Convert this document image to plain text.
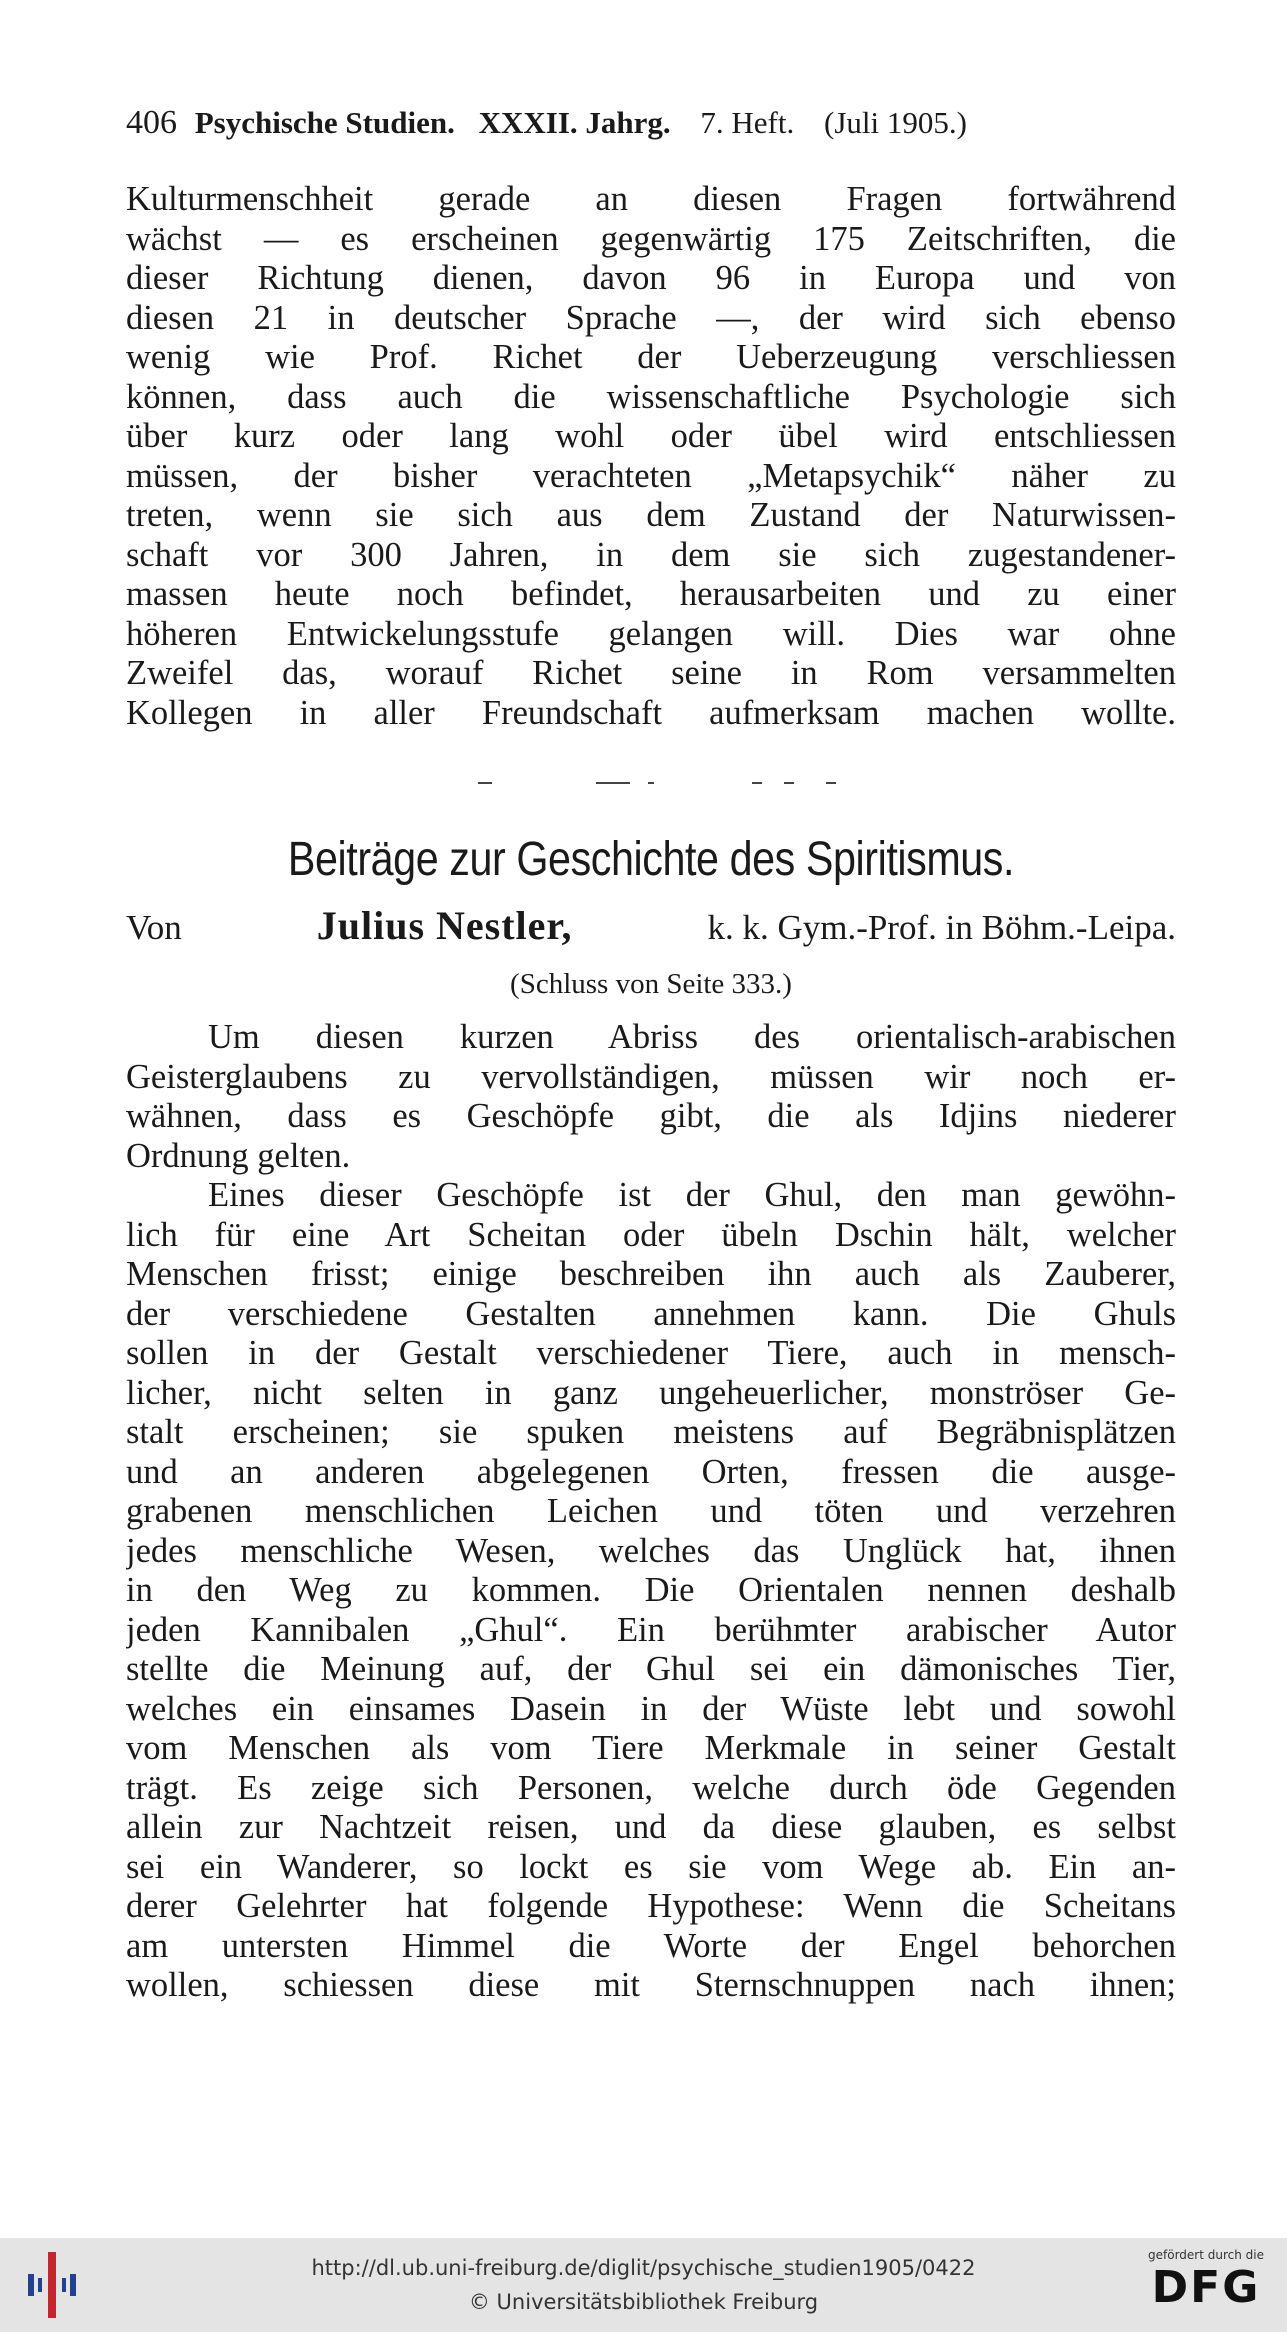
406 Psychische Studien. XXXII. Jahrg. 7. Heft. (Juli 1905.)
Kulturmenschheit gerade an diesen Fragen fortwährend
wächst — es erscheinen gegenwärtig 175 Zeitschriften, die
dieser Richtung dienen, davon 96 in Europa und von
diesen 21 in deutscher Sprache —, der wird sich ebenso
wenig wie Prof. Richet der Ueberzeugung verschliessen
können, dass auch die wissenschaftliche Psychologie sich
über kurz oder lang wohl oder übel wird entschliessen
müssen, der bisher verachteten „Metapsychik“ näher zu
treten, wenn sie sich aus dem Zustand der Naturwissen-
schaft vor 300 Jahren, in dem sie sich zugestandener-
massen heute noch befindet, herausarbeiten und zu einer
höheren Entwickelungsstufe gelangen will. Dies war ohne
Zweifel das, worauf Richet seine in Rom versammelten
Kollegen in aller Freundschaft aufmerksam machen wollte.
Beiträge zur Geschichte des Spiritismus.
Von	Julius Nestler,	k. k. Gym.-Prof. in Böhm.-Leipa.
(Schluss von Seite 333.)
Um diesen kurzen Abriss des orientalisch-arabischen
Geisterglaubens zu vervollständigen, müssen wir noch er-
wähnen, dass es Geschöpfe gibt, die als Idjins niederer
Ordnung gelten.
Eines dieser Geschöpfe ist der Ghul, den man gewöhn-
lich für eine Art Scheitan oder übeln Dschin hält, welcher
Menschen frisst; einige beschreiben ihn auch als Zauberer,
der verschiedene Gestalten annehmen kann. Die Ghuls
sollen in der Gestalt verschiedener Tiere, auch in mensch-
licher, nicht selten in ganz ungeheuerlicher, monströser Ge-
stalt erscheinen; sie spuken meistens auf Begräbnisplätzen
und an anderen abgelegenen Orten, fressen die ausge-
grabenen menschlichen Leichen und töten und verzehren
jedes menschliche Wesen, welches das Unglück hat, ihnen
in den Weg zu kommen. Die Orientalen nennen deshalb
jeden Kannibalen „Ghul“. Ein berühmter arabischer Autor
stellte die Meinung auf, der Ghul sei ein dämonisches Tier,
welches ein einsames Dasein in der Wüste lebt und sowohl
vom Menschen als vom Tiere Merkmale in seiner Gestalt
trägt. Es zeige sich Personen, welche durch öde Gegenden
allein zur Nachtzeit reisen, und da diese glauben, es selbst
sei ein Wanderer, so lockt es sie vom Wege ab. Ein an-
derer Gelehrter hat folgende Hypothese: Wenn die Scheitans
am untersten Himmel die Worte der Engel behorchen
wollen, schiessen diese mit Sternschnuppen nach ihnen;
http://dl.ub.uni-freiburg.de/diglit/psychische_studien1905/0422
© Universitätsbibliothek Freiburg
gefördert durch die
DFG
